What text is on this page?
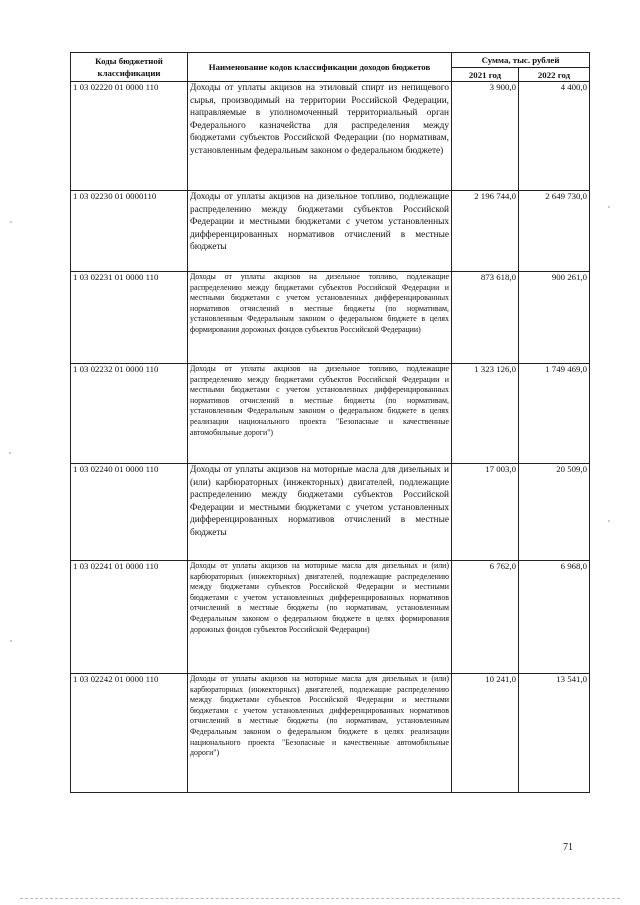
Коды бюджетной классификации	Наименование кодов классификации доходов бюджетов	Сумма, тыс. рублей	
		2021 год	2022 год
1 03 02220 01 0000 110	Доходы от уплаты акцизов на этиловый спирт из непищевого сырья, производимый на территории Российской Федерации, направляемые в уполномоченный территориальный орган Федерального казначейства для распределения между бюджетами субъектов Российской Федерации (по нормативам, установленным федеральным законом о федеральном бюджете)	3 900,0	4 400,0
1 03 02230 01 0000110	Доходы от уплаты акцизов на дизельное топливо, подлежащие распределению между бюджетами субъектов Российской Федерации и местными бюджетами с учетом установленных дифференцированных нормативов отчислений в местные бюджеты	2 196 744,0	2 649 730,0
1 03 02231 01 0000 110	Доходы от уплаты акцизов на дизельное топливо, подлежащие распределению между бюджетами субъектов Российской Федерации и местными бюджетами с учетом установленных дифференцированных нормативов отчислений в местные бюджеты (по нормативам, установленным Федеральным законом о федеральном бюджете в целях формирования дорожных фондов субъектов Российской Федерации)	873 618,0	900 261,0
1 03 02232 01 0000 110	Доходы от уплаты акцизов на дизельное топливо, подлежащие распределению между бюджетами субъектов Российской Федерации и местными бюджетами с учетом установленных дифференцированных нормативов отчислений в местные бюджеты (по нормативам, установленным Федеральным законом о федеральном бюджете в целях реализации национального проекта "Безопасные и качественные автомобильные дороги")	1 323 126,0	1 749 469,0
1 03 02240 01 0000 110	Доходы от уплаты акцизов на моторные масла для дизельных и (или) карбюраторных (инжекторных) двигателей, подлежащие распределению между бюджетами субъектов Российской Федерации и местными бюджетами с учетом установленных дифференцированных нормативов отчислений в местные бюджеты	17 003,0	20 509,0
1 03 02241 01 0000 110	Доходы от уплаты акцизов на моторные масла для дизельных и (или) карбюраторных (инжекторных) двигателей, подлежащие распределению между бюджетами субъектов Российской Федерации и местными бюджетами с учетом установленных дифференцированных нормативов отчислений в местные бюджеты (по нормативам, установленным Федеральным законом о федеральном бюджете в целях формирования дорожных фондов субъектов Российской Федерации)	6 762,0	6 968,0
1 03 02242 01 0000 110	Доходы от уплаты акцизов на моторные масла для дизельных и (или) карбюраторных (инжекторных) двигателей, подлежащие распределению между бюджетами субъектов Российской Федерации и местными бюджетами с учетом установленных дифференцированных нормативов отчислений в местные бюджеты (по нормативам, установленным Федеральным законом о федеральном бюджете в целях реализации национального проекта "Безопасные и качественные автомобильные дороги")	10 241,0	13 541,0
71
